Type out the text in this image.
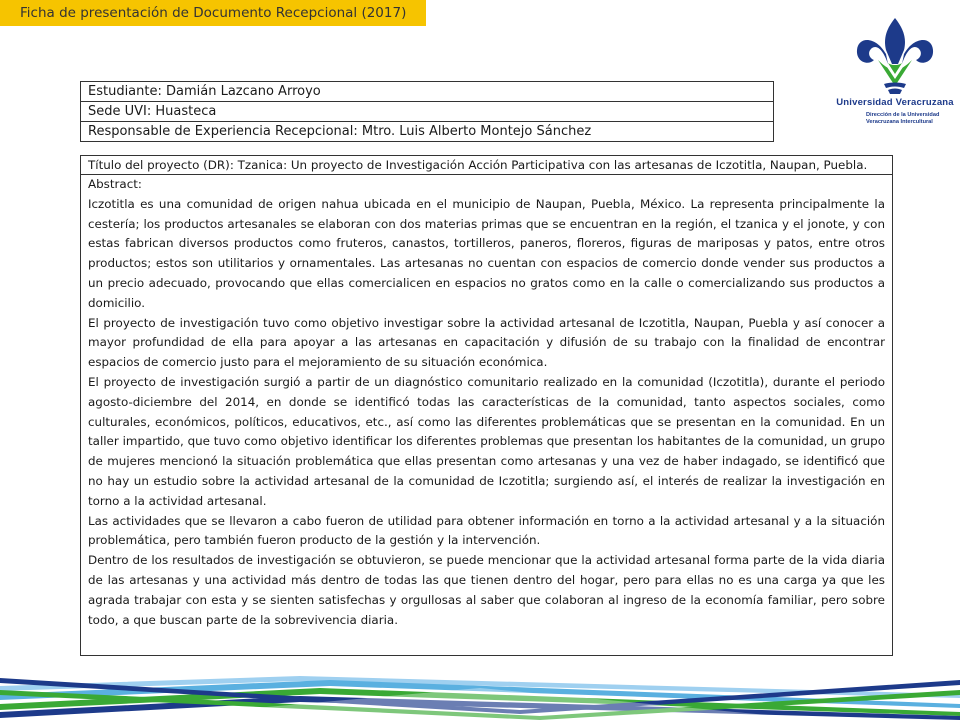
Ficha de presentación de Documento Recepcional (2017)
Universidad Veracruzana
Dirección de la Universidad
Veracruzana Intercultural
Estudiante: Damián Lazcano Arroyo
Sede UVI: Huasteca
Responsable de Experiencia Recepcional: Mtro. Luis Alberto Montejo Sánchez
Título del proyecto (DR): Tzanica: Un proyecto de Investigación Acción Participativa con las artesanas de Iczotitla, Naupan, Puebla.
Abstract:

Iczotitla es una comunidad de origen nahua ubicada en el municipio de Naupan, Puebla, México. La representa principalmente la cestería; los productos artesanales se elaboran con dos materias primas que se encuentran en la región, el tzanica y el jonote, y con estas fabrican diversos productos como fruteros, canastos, tortilleros, paneros, floreros, figuras de mariposas y patos, entre otros productos; estos son utilitarios y ornamentales. Las artesanas no cuentan con espacios de comercio donde vender sus productos a un precio adecuado, provocando que ellas comercialicen en espacios no gratos como en la calle o comercializando sus productos a domicilio.

El proyecto de investigación tuvo como objetivo investigar sobre la actividad artesanal de Iczotitla, Naupan, Puebla y así conocer a mayor profundidad de ella para apoyar a las artesanas en capacitación y difusión de su trabajo con la finalidad de encontrar espacios de comercio justo para el mejoramiento de su situación económica.

El proyecto de investigación surgió a partir de un diagnóstico comunitario realizado en la comunidad (Iczotitla), durante el periodo agosto-diciembre del 2014, en donde se identificó todas las características de la comunidad, tanto aspectos sociales, como culturales, económicos, políticos, educativos, etc., así como las diferentes problemáticas que se presentan en la comunidad. En un taller impartido, que tuvo como objetivo identificar los diferentes problemas que presentan los habitantes de la comunidad, un grupo de mujeres mencionó la situación problemática que ellas presentan como artesanas y una vez de haber indagado, se identificó que no hay un estudio sobre la actividad artesanal de la comunidad de Iczotitla; surgiendo así, el interés de realizar la investigación en torno a la actividad artesanal.

Las actividades que se llevaron a cabo fueron de utilidad para obtener información en torno a la actividad artesanal y a la situación problemática, pero también fueron producto de la gestión y la intervención.

Dentro de los resultados de investigación se obtuvieron, se puede mencionar que la actividad artesanal forma parte de la vida diaria de las artesanas y una actividad más dentro de todas las que tienen dentro del hogar, pero para ellas no es una carga ya que les agrada trabajar con esta y se sienten satisfechas y orgullosas al saber que colaboran al ingreso de la economía familiar, pero sobre todo, a que buscan parte de la sobrevivencia diaria.
